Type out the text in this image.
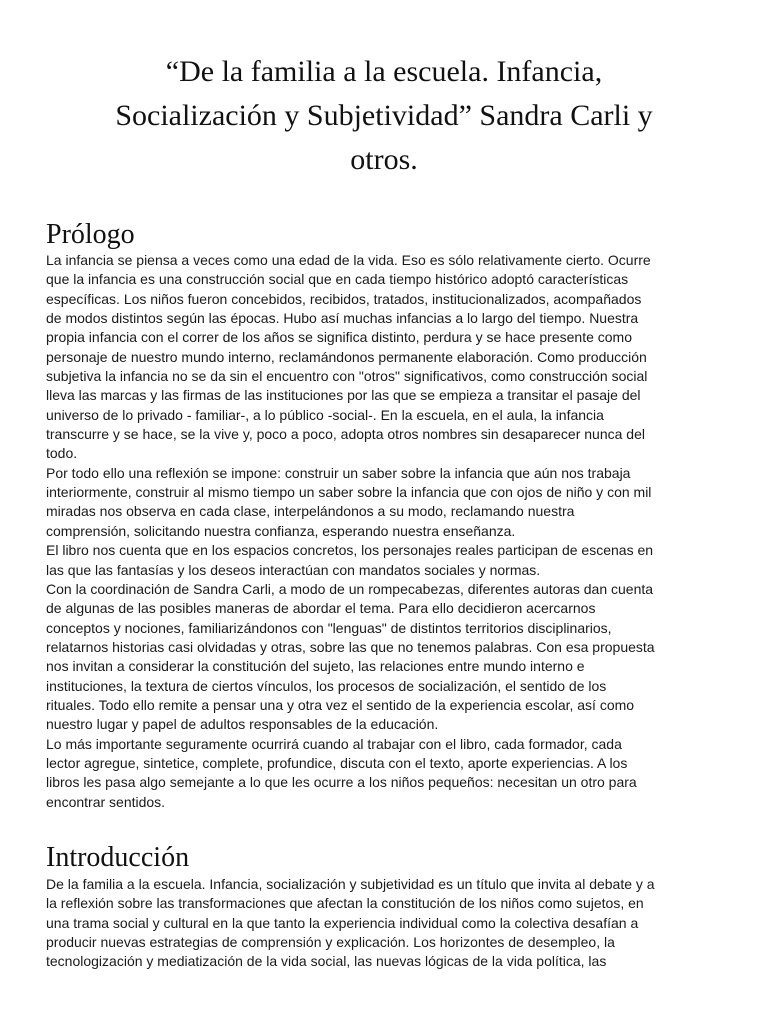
“De la familia a la escuela. Infancia,
Socialización y Subjetividad” Sandra Carli y
otros.
Prólogo

La infancia se piensa a veces como una edad de la vida. Eso es sólo relativamente cierto. Ocurre
que la infancia es una construcción social que en cada tiempo histórico adoptó características
específicas. Los niños fueron concebidos, recibidos, tratados, institucionalizados, acompañados
de modos distintos según las épocas. Hubo así muchas infancias a lo largo del tiempo. Nuestra
propia infancia con el correr de los años se significa distinto, perdura y se hace presente como
personaje de nuestro mundo interno, reclamándonos permanente elaboración. Como producción
subjetiva la infancia no se da sin el encuentro con "otros" significativos, como construcción social
lleva las marcas y las firmas de las instituciones por las que se empieza a transitar el pasaje del
universo de lo privado - familiar-, a lo público -social-. En la escuela, en el aula, la infancia
transcurre y se hace, se la vive y, poco a poco, adopta otros nombres sin desaparecer nunca del
todo.

Por todo ello una reflexión se impone: construir un saber sobre la infancia que aún nos trabaja
interiormente, construir al mismo tiempo un saber sobre la infancia que con ojos de niño y con mil
miradas nos observa en cada clase, interpelándonos a su modo, reclamando nuestra
comprensión, solicitando nuestra confianza, esperando nuestra enseñanza.

El libro nos cuenta que en los espacios concretos, los personajes reales participan de escenas en
las que las fantasías y los deseos interactúan con mandatos sociales y normas.

Con la coordinación de Sandra Carli, a modo de un rompecabezas, diferentes autoras dan cuenta
de algunas de las posibles maneras de abordar el tema. Para ello decidieron acercarnos
conceptos y nociones, familiarizándonos con "lenguas" de distintos territorios disciplinarios,
relatarnos historias casi olvidadas y otras, sobre las que no tenemos palabras. Con esa propuesta
nos invitan a considerar la constitución del sujeto, las relaciones entre mundo interno e
instituciones, la textura de ciertos vínculos, los procesos de socialización, el sentido de los
rituales. Todo ello remite a pensar una y otra vez el sentido de la experiencia escolar, así como
nuestro lugar y papel de adultos responsables de la educación.

Lo más importante seguramente ocurrirá cuando al trabajar con el libro, cada formador, cada
lector agregue, sintetice, complete, profundice, discuta con el texto, aporte experiencias. A los
libros les pasa algo semejante a lo que les ocurre a los niños pequeños: necesitan un otro para
encontrar sentidos.

Introducción

De la familia a la escuela. Infancia, socialización y subjetividad es un título que invita al debate y a
la reflexión sobre las transformaciones que afectan la constitución de los niños como sujetos, en
una trama social y cultural en la que tanto la experiencia individual como la colectiva desafían a
producir nuevas estrategias de comprensión y explicación. Los horizontes de desempleo, la
tecnologización y mediatización de la vida social, las nuevas lógicas de la vida política, las
